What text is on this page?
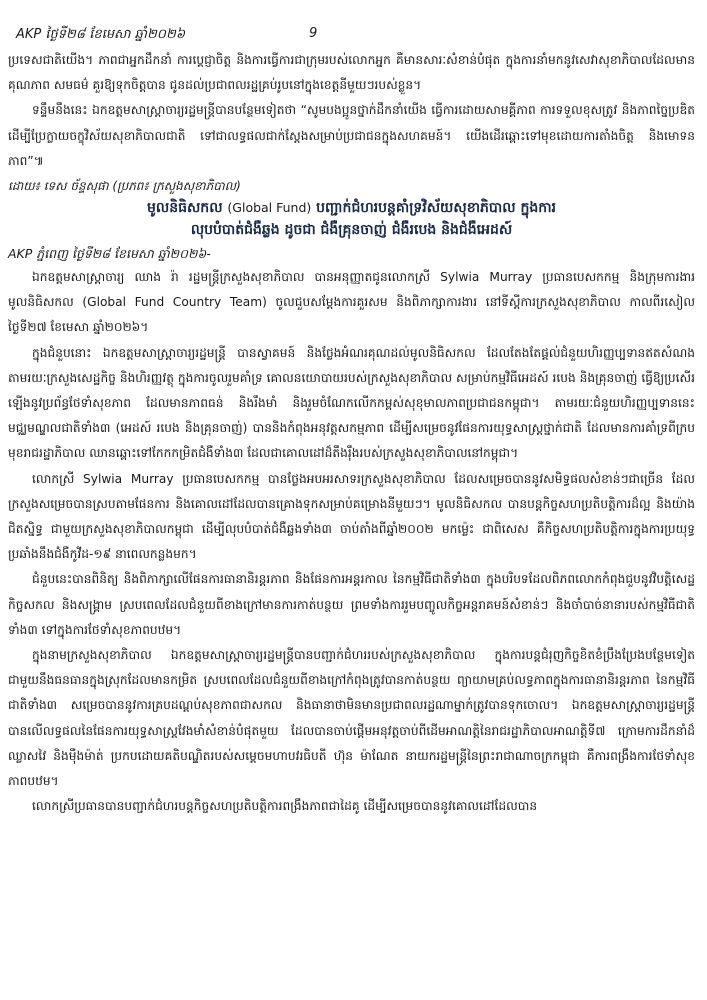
AKP ថ្ងៃទី២៨ ខែមេសា ឆ្នាំ២០២៦	9

ប្រទេសជាតិយើង។ ភាពជាអ្នកដឹកនាំ ការប្តេជ្ញាចិត្ត និងការធ្វើការជាក្រុមរបស់លោកអ្នក គឺមានសារៈសំខាន់បំផុត ក្នុងការនាំមកនូវសេវាសុខាភិបាលដែលមានគុណភាព សមធម៌ គួរឱ្យទុកចិត្តបាន ជូនដល់ប្រជាពលរដ្ឋគ្រប់រូបនៅក្នុងខេត្តនីមួយៗរបស់ខ្លួន។

ទន្ទឹមនឹងនេះ ឯកឧត្តមសាស្ត្រាចារ្យរដ្ឋមន្ត្រីបានបន្ថែមទៀតថា “សូមបងប្អូនថ្នាក់ដឹកនាំយើង ធ្វើការដោយសាមគ្គីភាព ការទទួលខុសត្រូវ និងភាពច្នៃប្រឌិត ដើម្បីប្រែក្លាយចក្ខុវិស័យសុខាភិបាលជាតិ ទៅជាលទ្ធផលជាក់ស្តែងសម្រាប់ប្រជាជនក្នុងសហគមន៍។ យើងដើរឆ្ពោះទៅមុខដោយការតាំងចិត្ត និងមោទនភាព”៕

ដោយ៖ ទេស ច័ន្ទសុផា (ប្រភព៖ ក្រសួងសុខាភិបាល)
មូលនិធិសកល (Global Fund) បញ្ជាក់ជំហរបន្តគាំទ្រវិស័យសុខាភិបាល ក្នុងការ
លុបបំបាត់ជំងឺឆ្លង ដូចជា ជំងឺគ្រុនចាញ់ ជំងឺរបេង និងជំងឺអេដស៍
AKP ភ្នំពេញ ថ្ងៃទី២៨ ខែមេសា ឆ្នាំ២០២៦-

ឯកឧត្តមសាស្ត្រាចារ្យ ឈាង រ៉ា រដ្ឋមន្ត្រីក្រសួងសុខាភិបាល បានអនុញ្ញាតជូនលោកស្រី Sylwia Murray ប្រធានបេសកកម្ម និងក្រុមការងារមូលនិធិសកល (Global Fund Country Team) ចូលជួបសម្តែងការគួរសម និងពិភាក្សាការងារ នៅទីស្តីការក្រសួងសុខាភិបាល កាលពីរសៀលថ្ងៃទី២៧ ខែមេសា ឆ្នាំ២០២៦។

ក្នុងជំនួបនោះ ឯកឧត្តមសាស្ត្រាចារ្យរដ្ឋមន្ត្រី បានស្វាគមន៍ និងថ្លែងអំណរគុណដល់មូលនិធិសកល ដែលតែងតែផ្តល់ជំនួយហិរញ្ញប្បទានឥតសំណង តាមរយៈក្រសួងសេដ្ឋកិច្ច និងហិរញ្ញវត្ថុ ក្នុងការចូលរួមគាំទ្រ គោលនយោបាយរបស់ក្រសួងសុខាភិបាល សម្រាប់កម្មវិធីអេដស៍ របេង និងគ្រុនចាញ់ ធ្វើឱ្យប្រសើរឡើងនូវប្រព័ន្ធថែទាំសុខភាព ដែលមានភាពធន់ និងរឹងមាំ និងរួមចំណែកលើកកម្ពស់សុខុមាលភាពប្រជាជនកម្ពុជា។ តាមរយៈជំនួយហិរញ្ញប្បទាននេះ មជ្ឈមណ្ឌលជាតិទាំង៣ (អេដស៍ របេង និងគ្រុនចាញ់) បាននិងកំពុងអនុវត្តសកម្មភាព ដើម្បីសម្រេចនូវផែនការយុទ្ធសាស្ត្រថ្នាក់ជាតិ ដែលមានការគាំទ្រពីក្របមុខរាជរដ្ឋាភិបាល ឈានឆ្ពោះទៅកែកកម្រិតជំងឺទាំង៣ ដែលជាគោលដៅដ៏តឹងរ៉ឹងរបស់ក្រសួងសុខាភិបាលនៅកម្ពុជា។

លោកស្រី Sylwia Murray ប្រធានបេសកកម្ម បានថ្លែងអបអរសាទរក្រសួងសុខាភិបាល ដែលសម្រេចបាននូវសមិទ្ធផលសំខាន់ៗជាច្រើន ដែលក្រសួងសម្រេចបានស្របតាមផែនការ និងគោលដៅដែលបានគ្រោងទុកសម្រាប់គម្រោងនីមួយៗ។ មូលនិធិសកល បានបន្តកិច្ចសហប្រតិបត្តិការដ៏ល្អ និងយ៉ាងជិតស្និទ្ធ ជាមួយក្រសួងសុខាភិបាលកម្ពុជា ដើម្បីលុបបំបាត់ជំងឺឆ្លងទាំង៣ ចាប់តាំងពីឆ្នាំ២០០២ មកម្ល៉េះ ជាពិសេស គឺកិច្ចសហប្រតិបត្តិការក្នុងការប្រយុទ្ធប្រឆាំងនឹងជំងឺកូវីដ-១៩ នាពេលកន្លងមក។

ជំនួបនេះបានពិនិត្យ និងពិភាក្សាលើផែនការធានានិរន្តរភាព និងផែនការអន្តរកាល នៃកម្មវិធីជាតិទាំង៣ ក្នុងបរិបទដែលពិភពលោកកំពុងជួបនូវវិបត្តិសេដ្ឋកិច្ចសកល និងសង្គ្រាម ស្របពេលដែលជំនួយពីខាងក្រៅមានការកាត់បន្ថយ ព្រមទាំងការរួមបញ្ចូលកិច្ចអន្តរាគមន៍សំខាន់ៗ និងចាំបាច់នានារបស់កម្មវិធីជាតិទាំង៣ ទៅក្នុងការថែទាំសុខភាពបឋម។

ក្នុងនាមក្រសួងសុខាភិបាល ឯកឧត្តមសាស្ត្រាចារ្យរដ្ឋមន្ត្រីបានបញ្ជាក់ជំហររបស់ក្រសួងសុខាភិបាល ក្នុងការបន្តជំរុញកិច្ចខិតខំប្រឹងប្រែងបន្ថែមទៀត ជាមួយនឹងធនធានក្នុងស្រុកដែលមានកម្រិត ស្របពេលដែលជំនួយពីខាងក្រៅកំពុងត្រូវបានកាត់បន្ថយ ព្យាយាមគ្រប់លទ្ធភាពក្នុងការធានានិរន្តរភាព នៃកម្មវិធីជាតិទាំង៣ សម្រេចបាននូវការគ្របដណ្តប់សុខភាពជាសកល និងធានាថាមិនមានប្រជាពលរដ្ឋណាម្នាក់ត្រូវបានទុកចោល។ ឯកឧត្តមសាស្ត្រាចារ្យរដ្ឋមន្ត្រី បានលើលទ្ធផលនៃផែនការយុទ្ធសាស្ត្រវែងមាំសំខាន់បំផុតមួយ ដែលបានចាប់ផ្តើមអនុវត្តចាប់ពីដើមអាណត្តិនៃរាជរដ្ឋាភិបាលអាណត្តិទី៧ ក្រោមការដឹកនាំដ៏ឈ្លាសវៃ និងម៉ឺងម៉ាត់ ប្រកបដោយគតិបណ្ឌិតរបស់សម្តេចមហាបវរធិបតី ហ៊ុន ម៉ាណែត នាយករដ្ឋមន្ត្រីនៃព្រះរាជាណាចក្រកម្ពុជា គឺការពង្រឹងការថែទាំសុខភាពបឋម។

លោកស្រីប្រធានបានបញ្ជាក់ជំហរបន្តកិច្ចសហប្រតិបត្តិការពង្រឹងភាពជាដៃគូ ដើម្បីសម្រេចបាននូវគោលដៅដែលបាន
